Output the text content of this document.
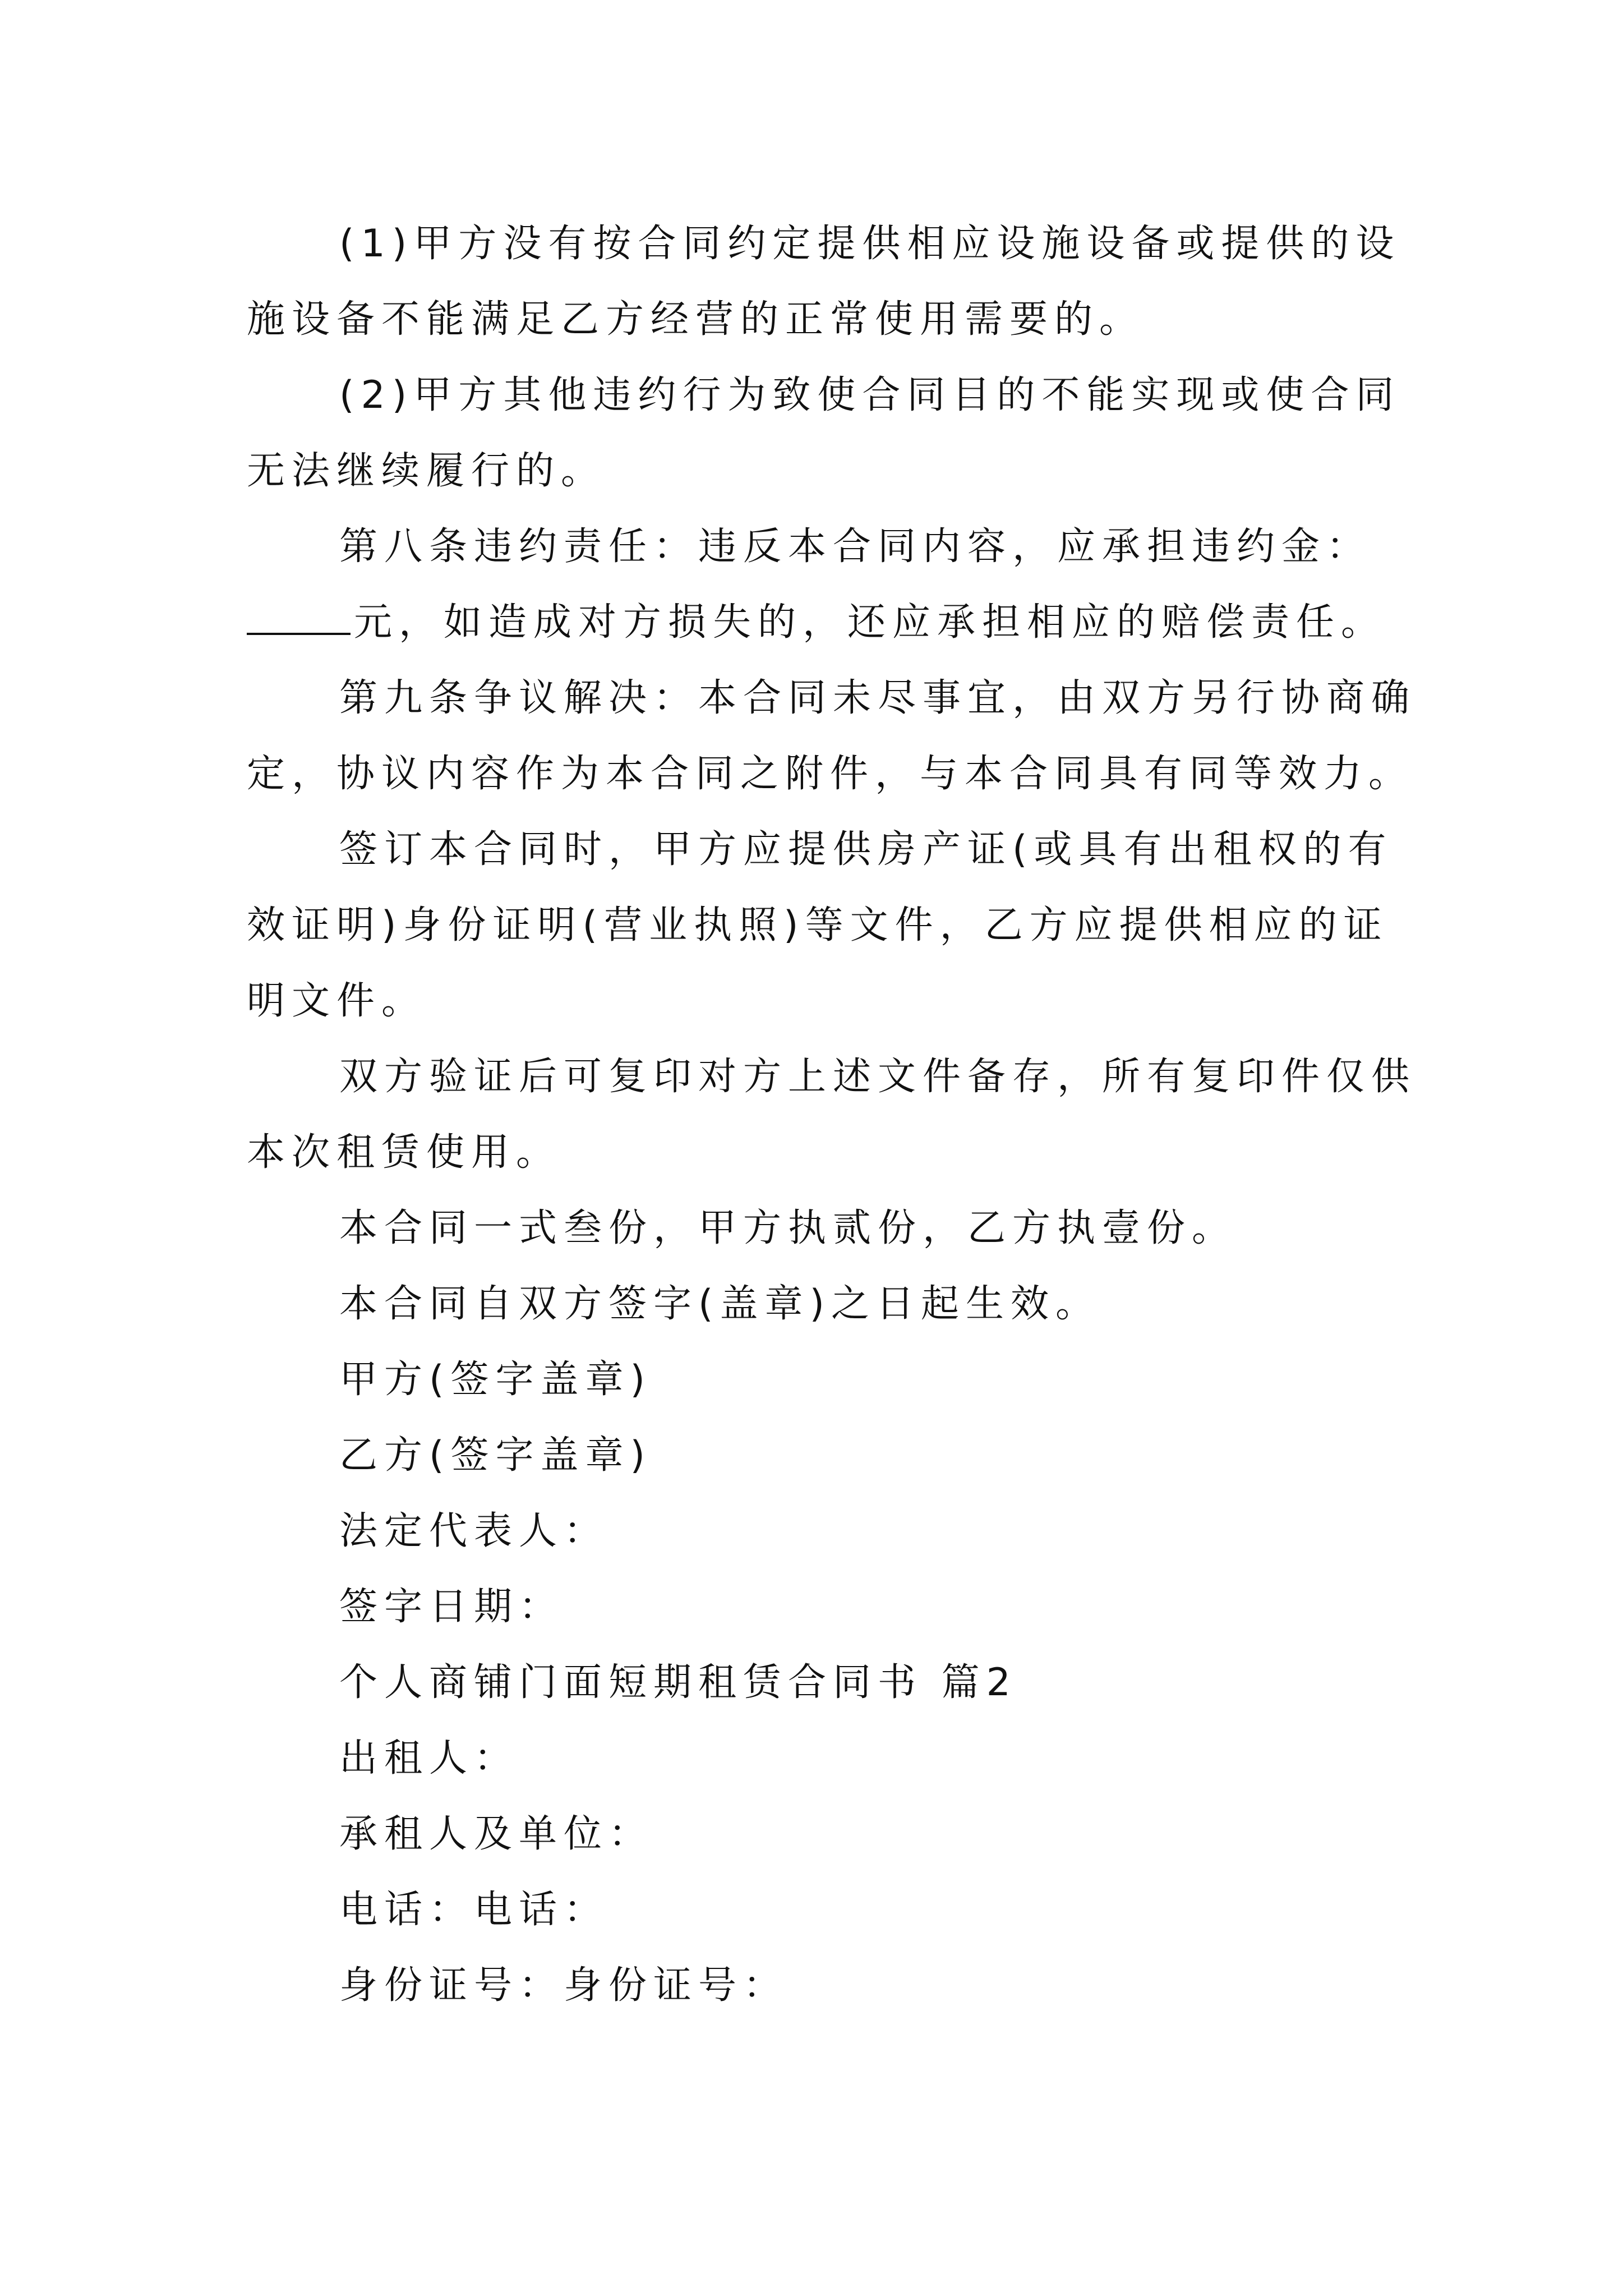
(1)甲方没有按合同约定提供相应设施设备或提供的设

施设备不能满足乙方经营的正常使用需要的。

(2)甲方其他违约行为致使合同目的不能实现或使合同

无法继续履行的。

第八条违约责任：违反本合同内容，应承担违约金：

元，如造成对方损失的，还应承担相应的赔偿责任。

第九条争议解决：本合同未尽事宜，由双方另行协商确

定，协议内容作为本合同之附件，与本合同具有同等效力。

签订本合同时，甲方应提供房产证(或具有出租权的有

效证明)身份证明(营业执照)等文件，乙方应提供相应的证

明文件。

双方验证后可复印对方上述文件备存，所有复印件仅供

本次租赁使用。

本合同一式叁份，甲方执贰份，乙方执壹份。

本合同自双方签字(盖章)之日起生效。

甲方(签字盖章)

乙方(签字盖章)

法定代表人：

签字日期：

个人商铺门面短期租赁合同书 篇2

出租人：

承租人及单位：

电话：电话：

身份证号：身份证号：
